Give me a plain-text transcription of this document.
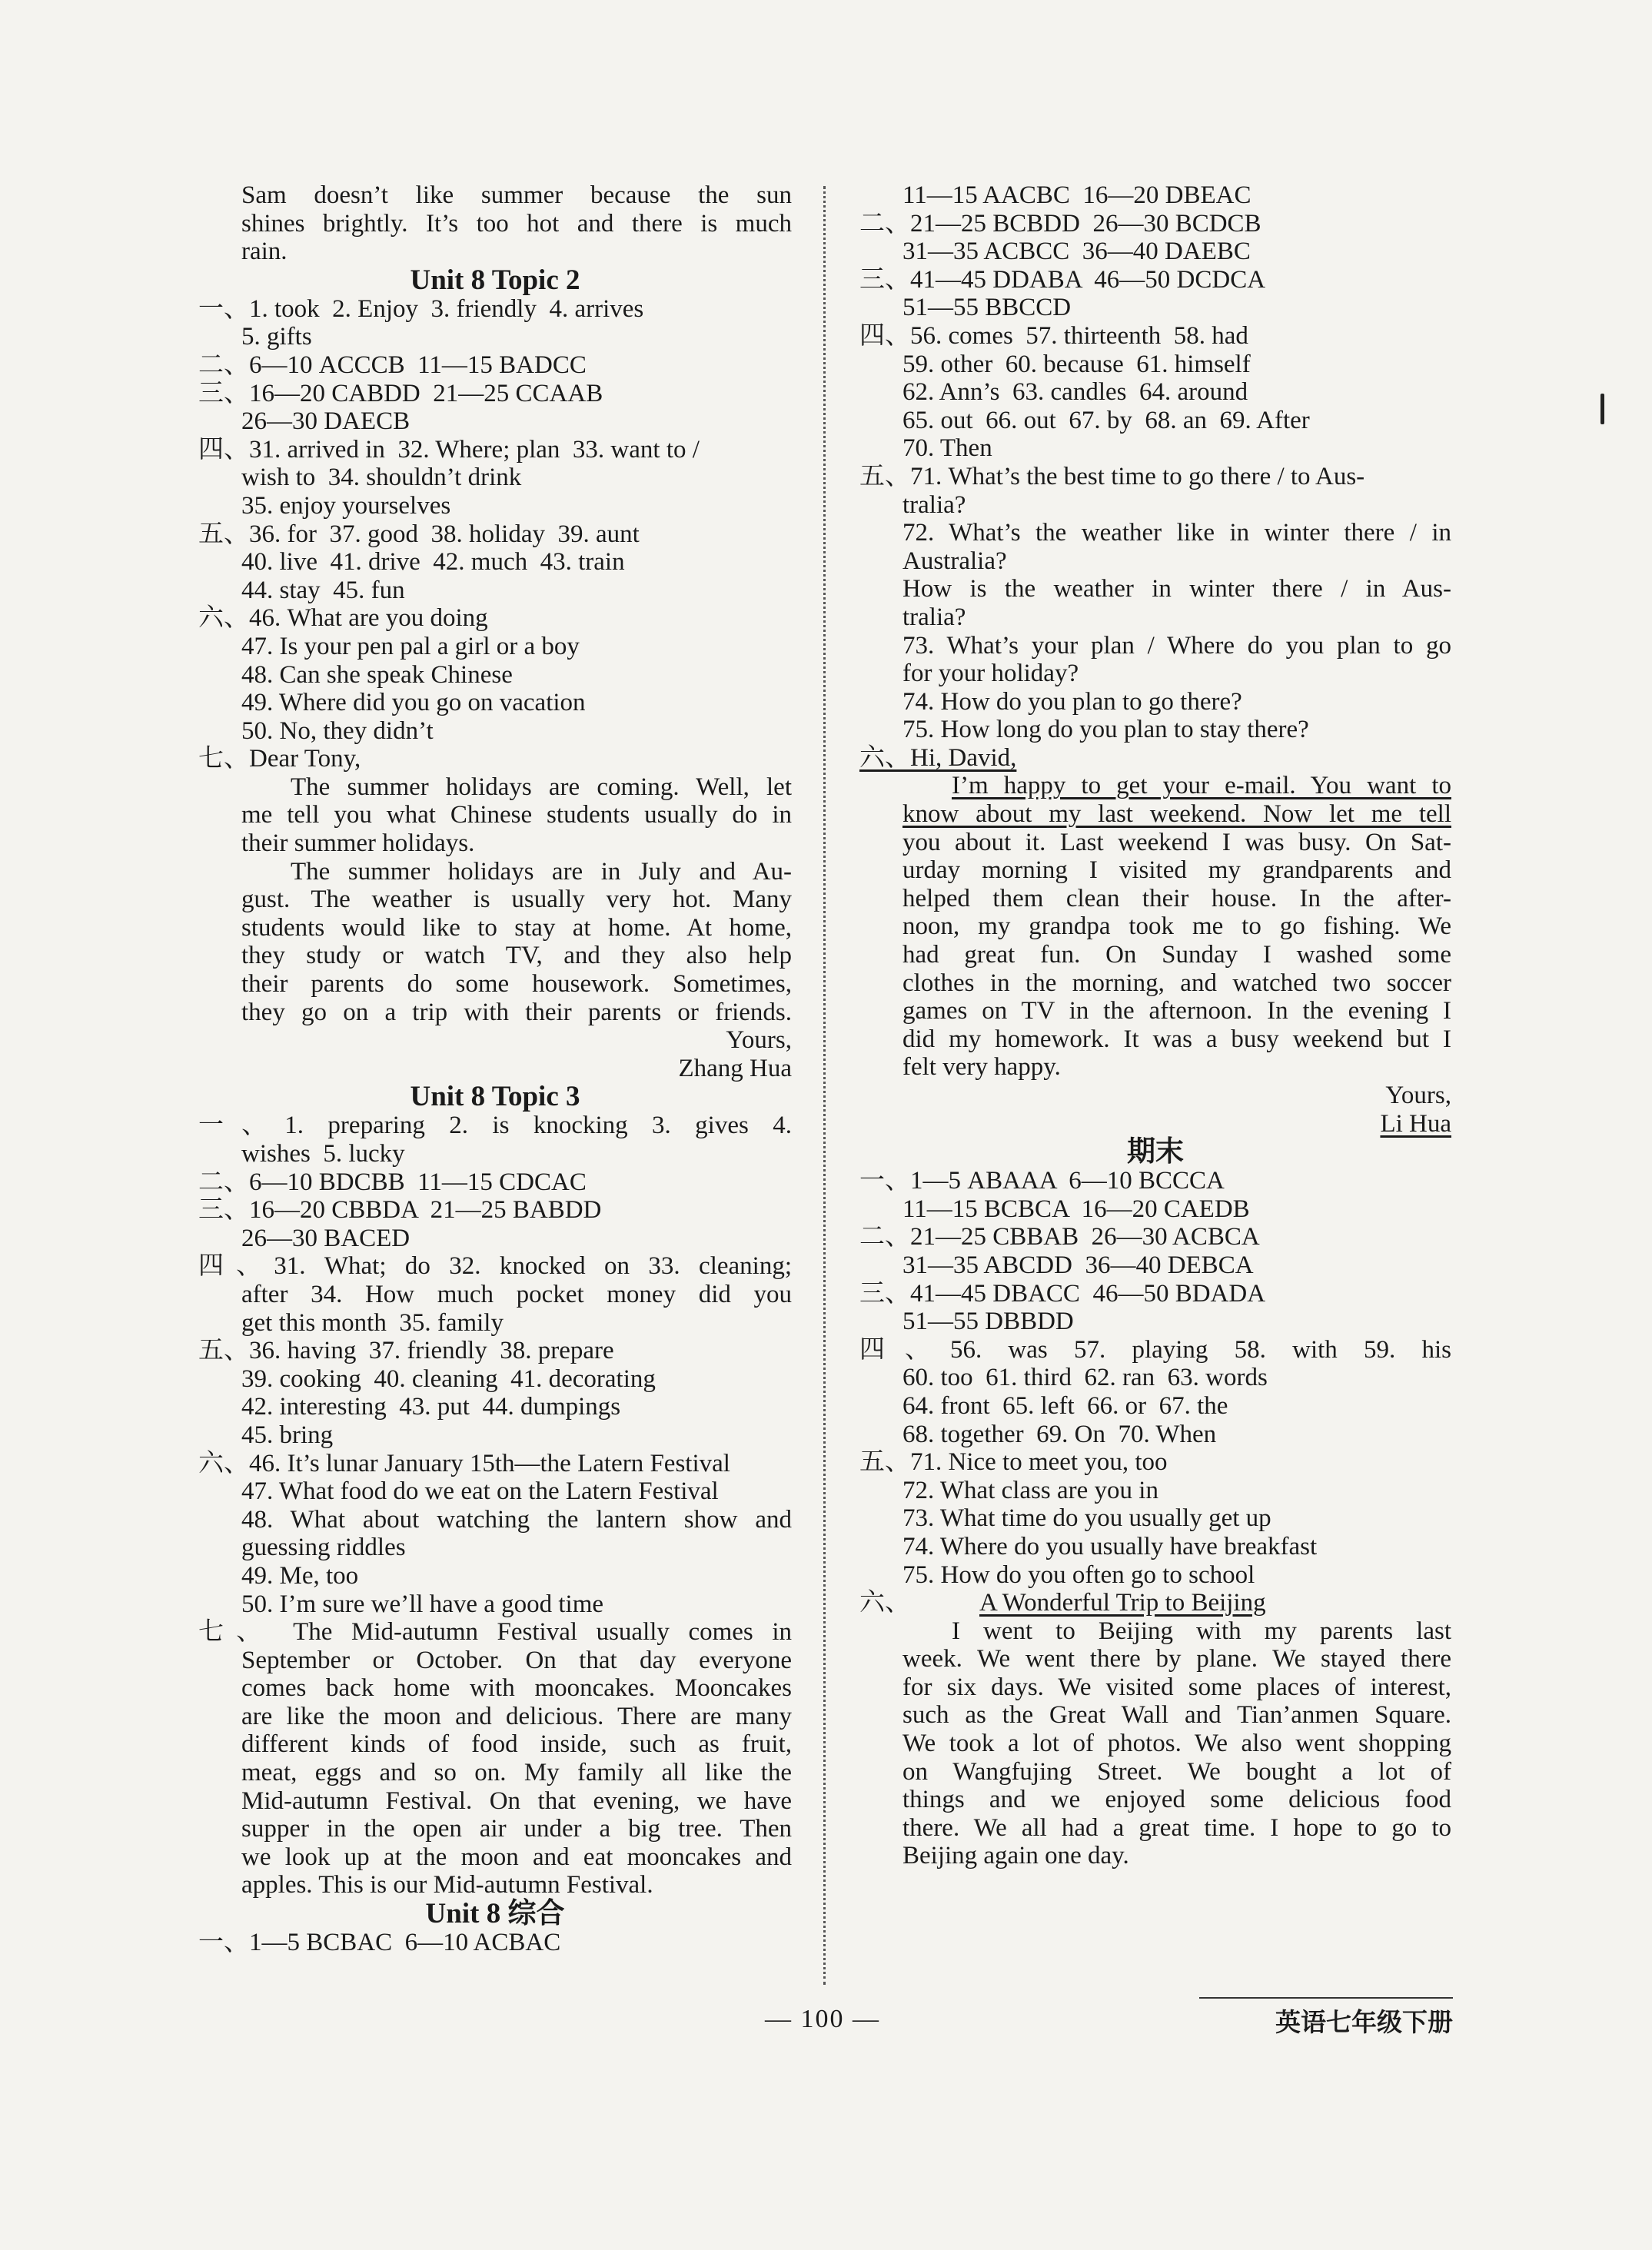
Sam doesn’t like summer because the sun
shines brightly. It’s too hot and there is much
rain.
Unit 8 Topic 2
一、1. took  2. Enjoy  3. friendly  4. arrives
5. gifts
二、6—10 ACCCB  11—15 BADCC
三、16—20 CABDD  21—25 CCAAB
26—30 DAECB
四、31. arrived in  32. Where; plan  33. want to /
wish to  34. shouldn’t drink
35. enjoy yourselves
五、36. for  37. good  38. holiday  39. aunt
40. live  41. drive  42. much  43. train
44. stay  45. fun
六、46. What are you doing
47. Is your pen pal a girl or a boy
48. Can she speak Chinese
49. Where did you go on vacation
50. No, they didn’t
七、Dear Tony,
The summer holidays are coming. Well, let
me tell you what Chinese students usually do in
their summer holidays.
The summer holidays are in July and Au-
gust. The weather is usually very hot. Many
students would like to stay at home. At home,
they study or watch TV, and they also help
their parents do some housework. Sometimes,
they go on a trip with their parents or friends.
Yours,
Zhang Hua
Unit 8 Topic 3
一、1. preparing 2. is knocking 3. gives 4.
wishes  5. lucky
二、6—10 BDCBB  11—15 CDCAC
三、16—20 CBBDA  21—25 BABDD
26—30 BACED
四、31. What; do 32. knocked on 33. cleaning;
after 34. How much pocket money did you
get this month  35. family
五、36. having  37. friendly  38. prepare
39. cooking  40. cleaning  41. decorating
42. interesting  43. put  44. dumpings
45. bring
六、46. It’s lunar January 15th—the Latern Festival
47. What food do we eat on the Latern Festival
48. What about watching the lantern show and
guessing riddles
49. Me, too
50. I’m sure we’ll have a good time
七、 The Mid-autumn Festival usually comes in
September or October. On that day everyone
comes back home with mooncakes. Mooncakes
are like the moon and delicious. There are many
different kinds of food inside, such as fruit,
meat, eggs and so on. My family all like the
Mid-autumn Festival. On that evening, we have
supper in the open air under a big tree. Then
we look up at the moon and eat mooncakes and
apples. This is our Mid-autumn Festival.
Unit 8 综合
一、1—5 BCBAC  6—10 ACBAC
11—15 AACBC  16—20 DBEAC
二、21—25 BCBDD  26—30 BCDCB
31—35 ACBCC  36—40 DAEBC
三、41—45 DDABA  46—50 DCDCA
51—55 BBCCD
四、56. comes  57. thirteenth  58. had
59. other  60. because  61. himself
62. Ann’s  63. candles  64. around
65. out  66. out  67. by  68. an  69. After
70. Then
五、71. What’s the best time to go there / to Aus-
tralia?
72. What’s the weather like in winter there / in
Australia?
How is the weather in winter there / in Aus-
tralia?
73. What’s your plan / Where do you plan to go
for your holiday?
74. How do you plan to go there?
75. How long do you plan to stay there?
六、Hi, David,
I’m happy to get your e-mail. You want to
know about my last weekend. Now let me tell
you about it. Last weekend I was busy. On Sat-
urday morning I visited my grandparents and
helped them clean their house. In the after-
noon, my grandpa took me to go fishing. We
had great fun. On Sunday I washed some
clothes in the morning, and watched two soccer
games on TV in the afternoon. In the evening I
did my homework. It was a busy weekend but I
felt very happy.
Yours,
Li Hua
期末
一、1—5 ABAAA  6—10 BCCCA
11—15 BCBCA  16—20 CAEDB
二、21—25 CBBAB  26—30 ACBCA
31—35 ABCDD  36—40 DEBCA
三、41—45 DBACC  46—50 BDADA
51—55 DBBDD
四、56. was 57. playing 58. with 59. his
60. too  61. third  62. ran  63. words
64. front  65. left  66. or  67. the
68. together  69. On  70. When
五、71. Nice to meet you, too
72. What class are you in
73. What time do you usually get up
74. Where do you usually have breakfast
75. How do you often go to school
六、	A Wonderful Trip to Beijing
I went to Beijing with my parents last
week. We went there by plane. We stayed there
for six days. We visited some places of interest,
such as the Great Wall and Tian’anmen Square.
We took a lot of photos. We also went shopping
on Wangfujing Street. We bought a lot of
things and we enjoyed some delicious food
there. We all had a great time. I hope to go to
Beijing again one day.
— 100 —	英语七年级下册
